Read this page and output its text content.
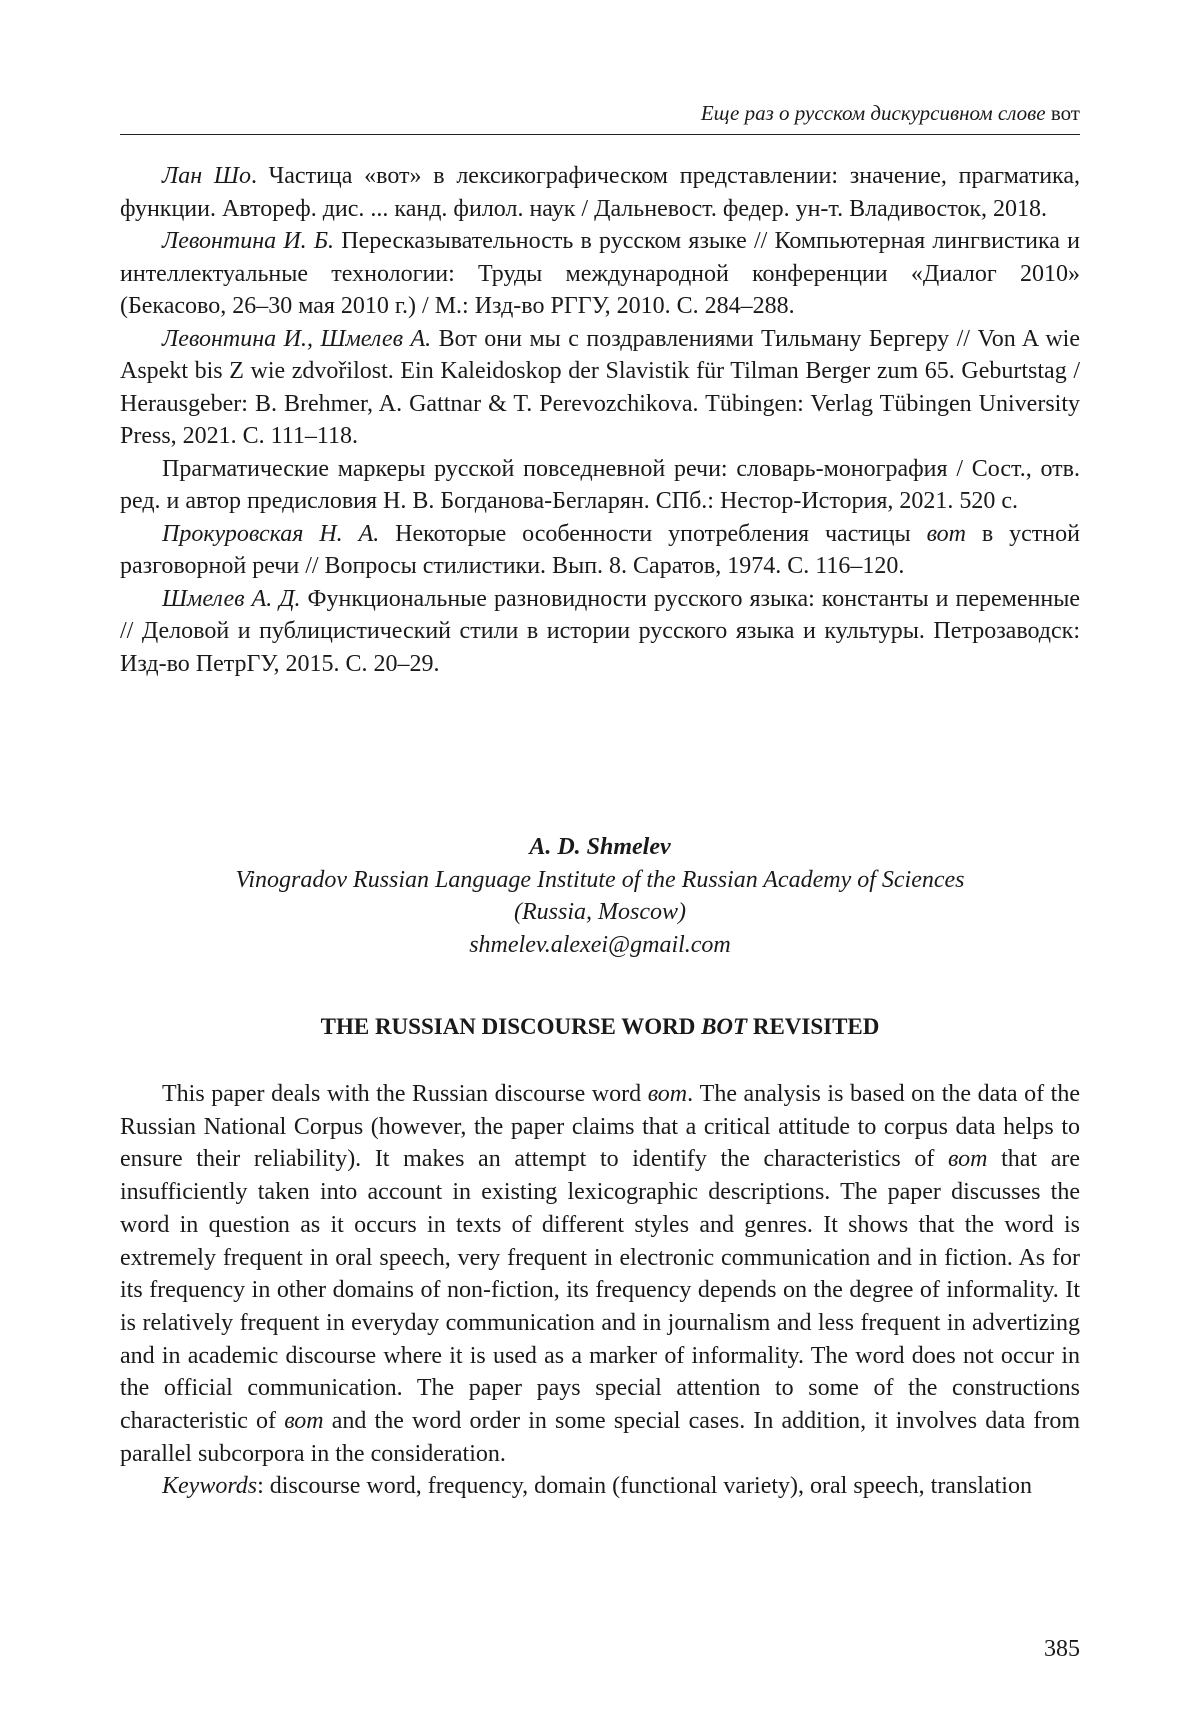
Еще раз о русском дискурсивном слове вот

Лан Шо. Частица «вот» в лексикографическом представлении: значение, прагматика, функции. Автореф. дис. ... канд. филол. наук / Дальневост. федер. ун-т. Владивосток, 2018.

Левонтина И. Б. Пересказывательность в русском языке // Компьютерная лингвистика и интеллектуальные технологии: Труды международной конференции «Диалог 2010» (Бекасово, 26–30 мая 2010 г.) / М.: Изд-во РГГУ, 2010. С. 284–288.

Левонтина И., Шмелев А. Вот они мы с поздравлениями Тильману Бергеру // Von A wie Aspekt bis Z wie zdvořilost. Ein Kaleidoskop der Slavistik für Tilman Berger zum 65. Geburtstag / Herausgeber: B. Brehmer, A. Gattnar & T. Perevozchikova. Tübingen: Verlag Tübingen University Press, 2021. С. 111–118.

Прагматические маркеры русской повседневной речи: словарь-монография / Сост., отв. ред. и автор предисловия Н. В. Богданова-Бегларян. СПб.: Нестор-История, 2021. 520 с.

Прокуровская Н. А. Некоторые особенности употребления частицы вот в устной разговорной речи // Вопросы стилистики. Вып. 8. Саратов, 1974. С. 116–120.

Шмелев А. Д. Функциональные разновидности русского языка: константы и переменные // Деловой и публицистический стили в истории русского языка и культуры. Петрозаводск: Изд-во ПетрГУ, 2015. С. 20–29.

A. D. Shmelev
Vinogradov Russian Language Institute of the Russian Academy of Sciences
(Russia, Moscow)
shmelev.alexei@gmail.com
THE RUSSIAN DISCOURSE WORD BOT REVISITED

This paper deals with the Russian discourse word вот. The analysis is based on the data of the Russian National Corpus (however, the paper claims that a critical attitude to corpus data helps to ensure their reliability). It makes an attempt to identify the characteristics of вот that are insufficiently taken into account in existing lexicographic descriptions. The paper discusses the word in question as it occurs in texts of different styles and genres. It shows that the word is extremely frequent in oral speech, very frequent in electronic communication and in fiction. As for its frequency in other domains of non-fiction, its frequency depends on the degree of informality. It is relatively frequent in everyday communication and in journalism and less frequent in advertizing and in academic discourse where it is used as a marker of informality. The word does not occur in the official communication. The paper pays special attention to some of the constructions characteristic of вот and the word order in some special cases. In addition, it involves data from parallel subcorpora in the consideration.

Keywords: discourse word, frequency, domain (functional variety), oral speech, translation

385
